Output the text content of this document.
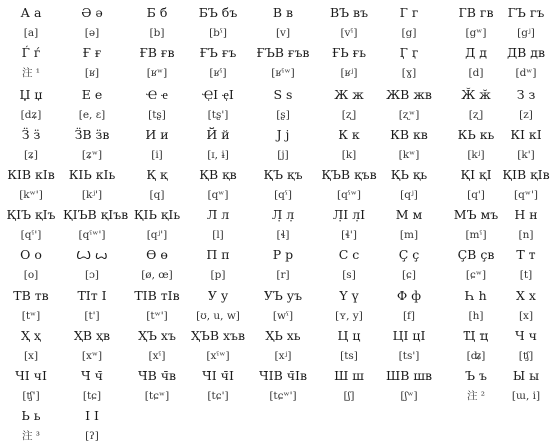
А а
[a]
Ә ә
[ə]
Б б
[b]
БЪ бъ
[bˤ]
В в
[v]
ВЪ въ
[vˤ]
Г г
[g]
ГВ гв
[gʷ]
ГЪ гъ
[gʲ]
Ѓ ѓ
注 ¹
Ғ ғ
[ʁ]
ҒВ ғв
[ʁʷ]
ҒЪ ғъ
[ʁˤ]
ҒЪВ ғъв
[ʁˤʷ]
ҒЬ ғь
[ʁʲ]
Ӷ ӷ
[ɣ]
Д д
[d]
ДВ дв
[dʷ]
Џ џ
[dʑ]
Е е
[e, ɛ]
Ҽ ҽ
[tʂ]
ҾI ҿI
[tʂ']
S s
[ʂ]
Ж ж
[ʐ]
ЖВ жв
[ʐʷ]
Ӂ ӂ
[ʐ]
З з
[z]
Ӟ ӟ
[ʑ]
ӞВ ӟв
[ʑʷ]
И и
[i]
Й й
[ɪ, ɨ]
J j
[j]
К к
[k]
КВ кв
[kʷ]
КЬ кь
[kʲ]
КI кI
[k']
КIВ кIв
[kʷ']
КIЬ кIь
[kʲ']
Қ қ
[q]
ҚВ қв
[qʷ]
ҚЪ қъ
[qˤ]
ҚЪВ қъв
[qˤʷ]
ҚЬ қь
[qʲ]
ҚI қI
[q']
ҚIВ қIв
[qʷ']
ҚIЪ қIъ
[qˤ']
ҚIЪВ қIъв
[qˤʷ']
ҚIЬ қIь
[qʲ']
Л л
[l]
Л̣ л̣
[ɬ]
Л̣I л̣I
[ɬ']
М м
[m]
МЪ мъ
[mˤ]
Н н
[n]
О о
[o]
Ꙍ ꙍ
[ɔ]
Ө ө
[ø, œ]
П п
[p]
Р р
[r]
С с
[s]
Ç ç
[ɕ]
ÇВ çв
[ɕʷ]
Т т
[t]
ТВ тв
[tʷ]
ТIт I
[t']
ТIВ тIв
[tʷ']
У у
[ʊ, u, w]
УЪ уъ
[wˤ]
Ү ү
[ʏ, y]
Ф ф
[f]
Һ һ
[h]
Х х
[x]
Ҳ ҳ
[x]
ҲВ ҳв
[xʷ]
ҲЪ хъ
[xˤ]
ҲЪВ хъв
[xˤʷ]
ҲЬ хь
[xʲ]
Ц ц
[ts]
ЦI цI
[ts']
Ҵ ҵ
[ʥ]
Ч ч
[ʧ]
ЧI чI
[ʧ']
Ч̄ ч̄
[tɕ]
Ч̄В ч̄в
[tɕʷ]
Ч̄I ч̄I
[tɕ']
Ч̄IВ ч̄Iв
[tɕʷ']
Ш ш
[ʃ]
ШВ шв
[ʃʷ]
Ъ ъ
注 ²
Ы ы
[ɯ, i]
Ь ь
注 ³
I I
[ʔ]
